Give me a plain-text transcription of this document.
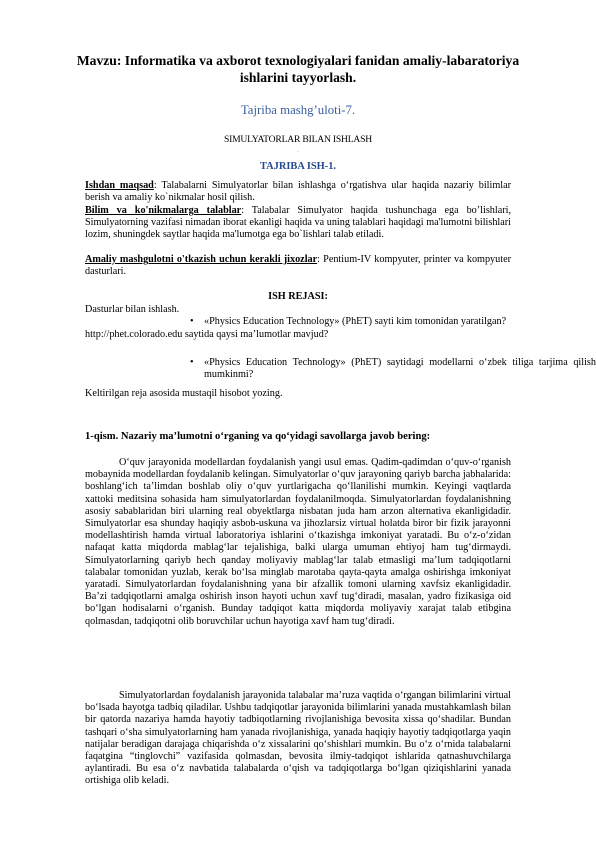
Mavzu: Informatika va axborot texnologiyalari fanidan amaliy-labaratoriya ishlarini tayyorlash.
Tajriba mashg’uloti-7.
SIMULYATORLAR BILAN ISHLASH
.
TAJRIBA ISH-1.
Ishdan maqsad: Talabalarni Simulyatorlar bilan ishlashga o‘rgatishva ular haqida nazariy bilimlar berish va amaliy ko`nikmalar hosil qilish.
Bilim va ko'nikmalarga talablar: Talabalar Simulyator haqida tushunchaga ega bo’lishlari, Simulyatorning vazifasi nimadan iborat ekanligi haqida va uning talablari haqidagi ma'lumotni bilishlari lozim, shuningdek saytlar haqida ma'lumotga ega bo`lishlari talab etiladi.
Amaliy mashgulotni o'tkazish uchun kerakli jixozlar: Pentium-IV kompyuter, printer va kompyuter dasturlari.
ISH REJASI:
Dasturlar bilan ishlash.
• «Physics Education Technology» (PhET) sayti kim tomonidan yaratilgan?
http://phet.colorado.edu saytida qaysi ma’lumotlar mavjud?
• «Physics Education Technology» (PhET) saytidagi modellarni o‘zbek tiliga tarjima qilish mumkinmi?
Keltirilgan reja asosida mustaqil hisobot yozing.
1-qism. Nazariy ma’lumotni o‘rganing va qo‘yidagi savollarga javob bering:
O‘quv jarayonida modellardan foydalanish yangi usul emas. Qadim-qadimdan o‘quv-o‘rganish mobaynida modellardan foydalanib kelingan. Simulyatorlar o‘quv jarayoning qariyb barcha jabhalarida: boshlang‘ich ta’limdan boshlab oliy o‘quv yurtlarigacha qo‘llanilishi mumkin. Keyingi vaqtlarda xattoki meditsina sohasida ham simulyatorlardan foydalanilmoqda. Simulyatorlardan foydalanishning asosiy sabablaridan biri ularning real obyektlarga nisbatan juda ham arzon alternativa ekanligidadir. Simulyatorlar esa shunday haqiqiy asbob-uskuna va jihozlarsiz virtual holatda biror bir fizik jarayonni modellashtirish hamda virtual laboratoriya ishlarini o‘tkazishga imkoniyat yaratadi. Bu o‘z-o‘zidan nafaqat katta miqdorda mablag‘lar tejalishiga, balki ularga umuman ehtiyoj ham tug‘dirmaydi. Simulyatorlarning qariyb hech qanday moliyaviy mablag‘lar talab etmasligi ma’lum tadqiqotlarni talabalar tomonidan yuzlab, kerak bo‘lsa minglab marotaba qayta-qayta amalga oshirishga imkoniyat yaratadi. Simulyatorlardan foydalanishning yana bir afzallik tomoni ularning xavfsiz ekanligidadir. Ba’zi tadqiqotlarni amalga oshirish inson hayoti uchun xavf tug‘diradi, masalan, yadro fizikasiga oid bo‘lgan hodisalarni o‘rganish. Bunday tadqiqot katta miqdorda moliyaviy xarajat talab etibgina qolmasdan, tadqiqotni olib boruvchilar uchun hayotiga xavf ham tug‘diradi.
Simulyatorlardan foydalanish jarayonida talabalar ma’ruza vaqtida o‘rgangan bilimlarini virtual bo‘lsada hayotga tadbiq qiladilar. Ushbu tadqiqotlar jarayonida bilimlarini yanada mustahkamlash bilan bir qatorda nazariya hamda hayotiy tadbiqotlarning rivojlanishiga bevosita xissa qo‘shadilar. Bundan tashqari o‘sha simulyatorlarning ham yanada rivojlanishiga, yanada haqiqiy hayotiy tadqiqotlarga yaqin natijalar beradigan darajaga chiqarishda o‘z xissalarini qo‘shishlari mumkin. Bu o‘z o‘rnida talabalarni faqatgina “tinglovchi” vazifasida qolmasdan, bevosita ilmiy-tadqiqot ishlarida qatnashuvchilarga aylantiradi. Bu esa o‘z navbatida talabalarda o‘qish va tadqiqotlarga bo‘lgan qiziqishlarini yanada ortishiga olib keladi.
